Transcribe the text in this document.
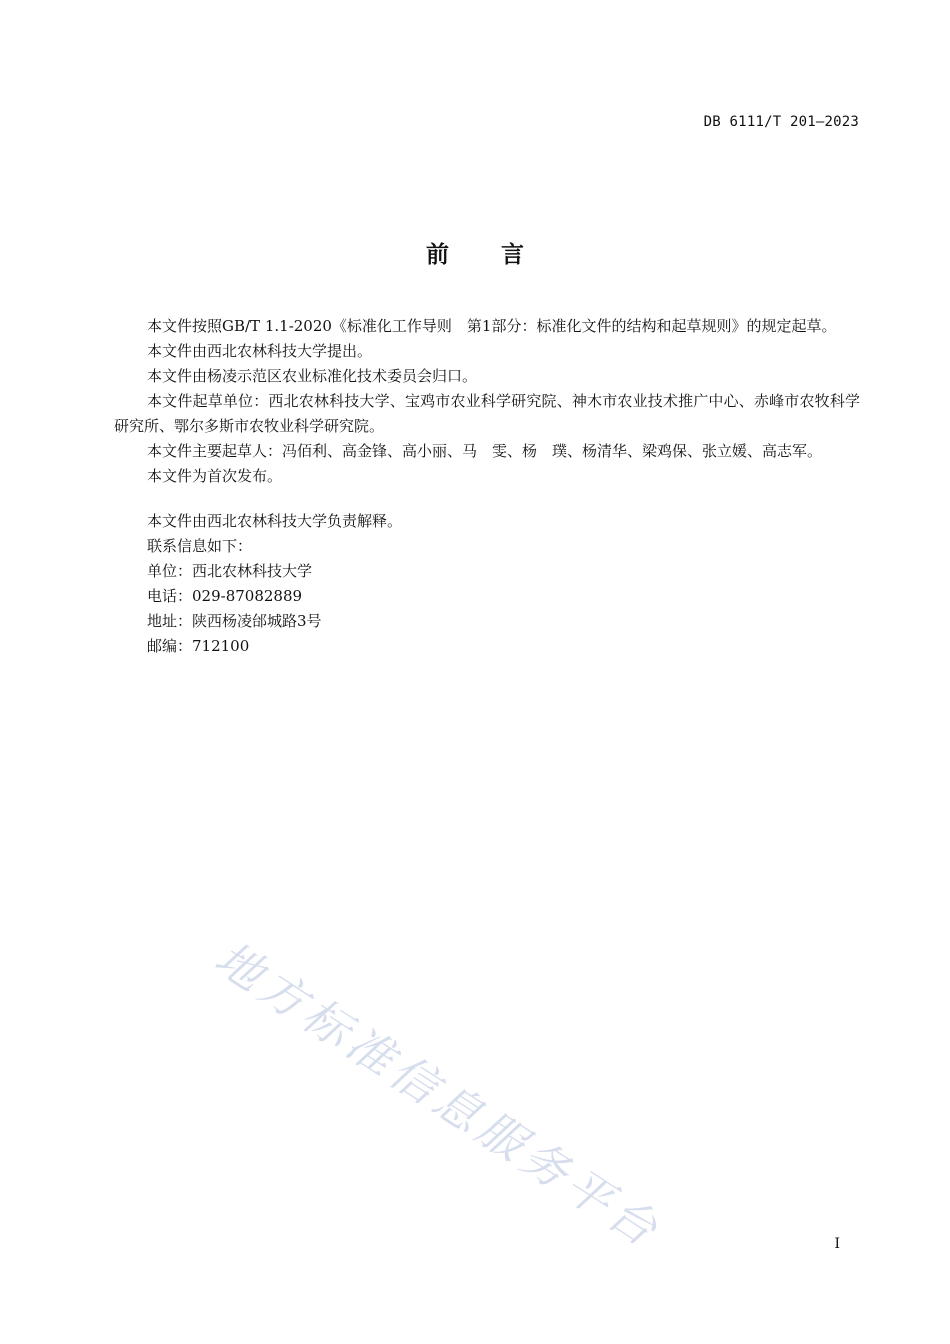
DB 6111/T 201—2023
前言

本文件按照GB/T 1.1-2020《标准化工作导则　第1部分：标准化文件的结构和起草规则》的规定起草。

本文件由西北农林科技大学提出。

本文件由杨凌示范区农业标准化技术委员会归口。

本文件起草单位：西北农林科技大学、宝鸡市农业科学研究院、神木市农业技术推广中心、赤峰市农牧科学研究所、鄂尔多斯市农牧业科学研究院。

本文件主要起草人：冯佰利、高金锋、高小丽、马　雯、杨　璞、杨清华、梁鸡保、张立媛、高志军。

本文件为首次发布。

本文件由西北农林科技大学负责解释。

联系信息如下：

单位：西北农林科技大学

电话：029-87082889

地址：陕西杨凌邰城路3号

邮编：712100

地方标准信息服务平台	I
